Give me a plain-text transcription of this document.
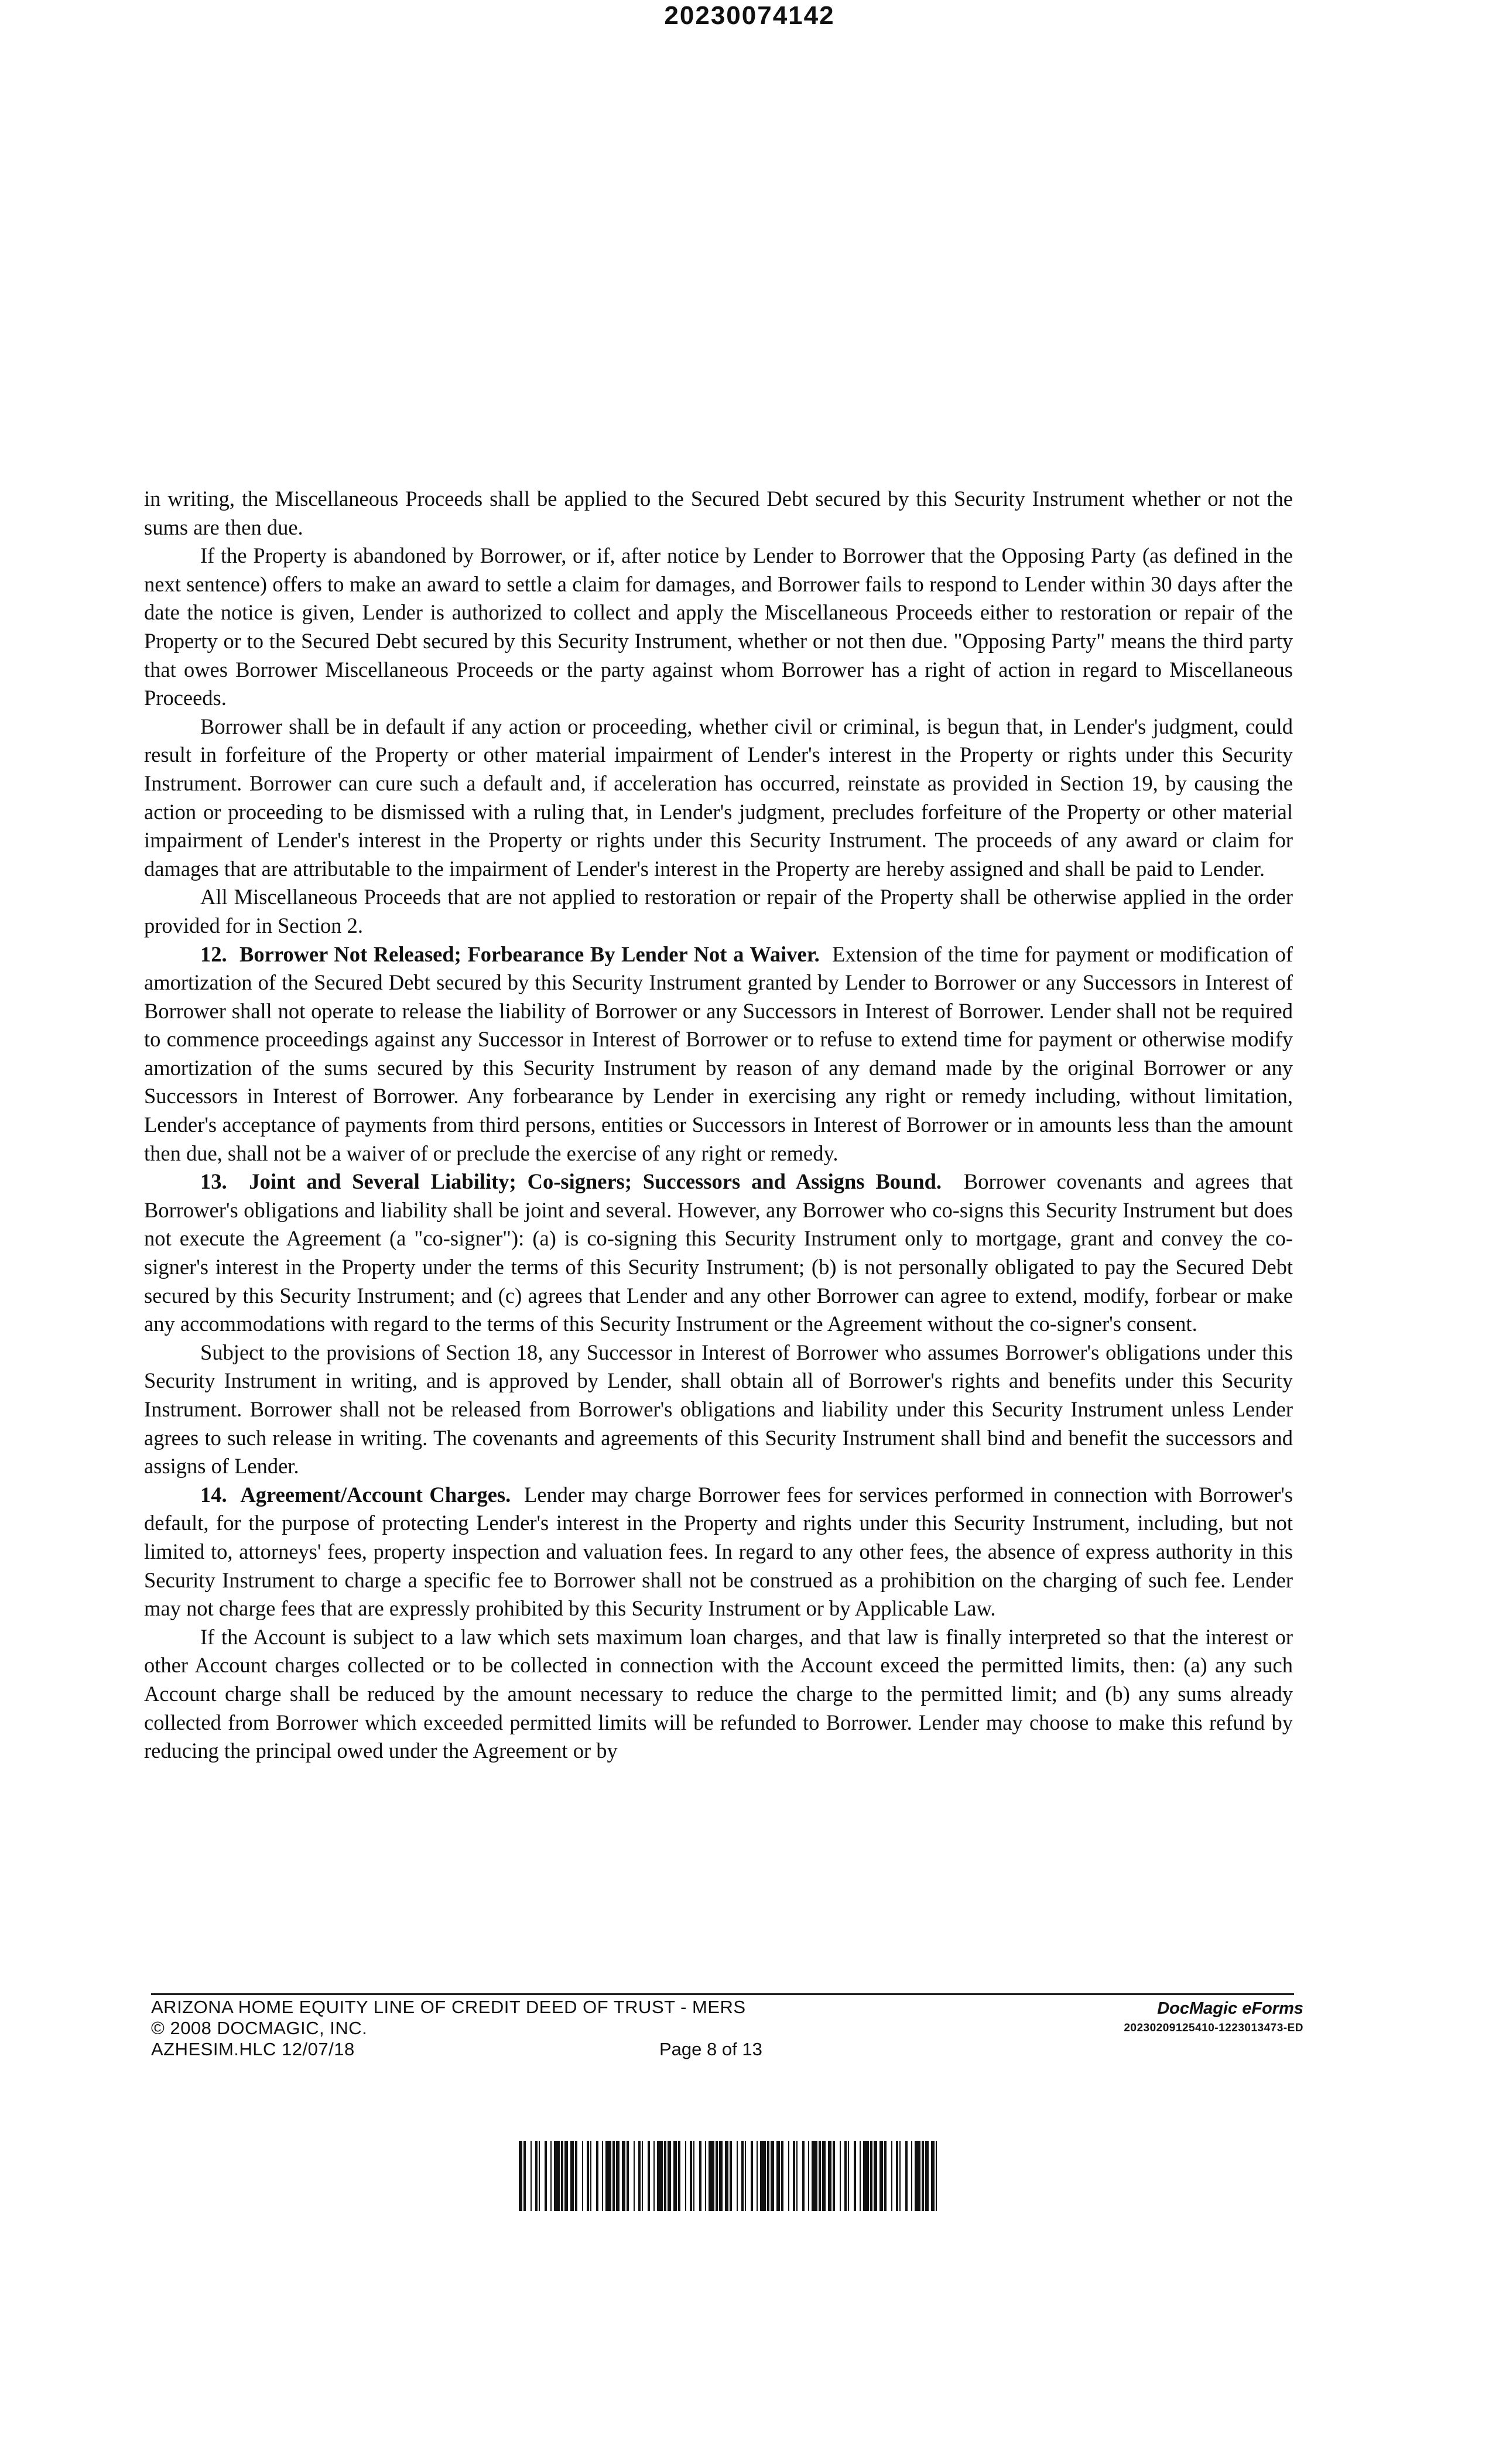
20230074142

in writing, the Miscellaneous Proceeds shall be applied to the Secured Debt secured by this Security Instrument whether or not the sums are then due.

If the Property is abandoned by Borrower, or if, after notice by Lender to Borrower that the Opposing Party (as defined in the next sentence) offers to make an award to settle a claim for damages, and Borrower fails to respond to Lender within 30 days after the date the notice is given, Lender is authorized to collect and apply the Miscellaneous Proceeds either to restoration or repair of the Property or to the Secured Debt secured by this Security Instrument, whether or not then due. "Opposing Party" means the third party that owes Borrower Miscellaneous Proceeds or the party against whom Borrower has a right of action in regard to Miscellaneous Proceeds.

Borrower shall be in default if any action or proceeding, whether civil or criminal, is begun that, in Lender's judgment, could result in forfeiture of the Property or other material impairment of Lender's interest in the Property or rights under this Security Instrument. Borrower can cure such a default and, if acceleration has occurred, reinstate as provided in Section 19, by causing the action or proceeding to be dismissed with a ruling that, in Lender's judgment, precludes forfeiture of the Property or other material impairment of Lender's interest in the Property or rights under this Security Instrument. The proceeds of any award or claim for damages that are attributable to the impairment of Lender's interest in the Property are hereby assigned and shall be paid to Lender.

All Miscellaneous Proceeds that are not applied to restoration or repair of the Property shall be otherwise applied in the order provided for in Section 2.

12. Borrower Not Released; Forbearance By Lender Not a Waiver. Extension of the time for payment or modification of amortization of the Secured Debt secured by this Security Instrument granted by Lender to Borrower or any Successors in Interest of Borrower shall not operate to release the liability of Borrower or any Successors in Interest of Borrower. Lender shall not be required to commence proceedings against any Successor in Interest of Borrower or to refuse to extend time for payment or otherwise modify amortization of the sums secured by this Security Instrument by reason of any demand made by the original Borrower or any Successors in Interest of Borrower. Any forbearance by Lender in exercising any right or remedy including, without limitation, Lender's acceptance of payments from third persons, entities or Successors in Interest of Borrower or in amounts less than the amount then due, shall not be a waiver of or preclude the exercise of any right or remedy.

13. Joint and Several Liability; Co-signers; Successors and Assigns Bound. Borrower covenants and agrees that Borrower's obligations and liability shall be joint and several. However, any Borrower who co-signs this Security Instrument but does not execute the Agreement (a "co-signer"): (a) is co-signing this Security Instrument only to mortgage, grant and convey the co-signer's interest in the Property under the terms of this Security Instrument; (b) is not personally obligated to pay the Secured Debt secured by this Security Instrument; and (c) agrees that Lender and any other Borrower can agree to extend, modify, forbear or make any accommodations with regard to the terms of this Security Instrument or the Agreement without the co-signer's consent.

Subject to the provisions of Section 18, any Successor in Interest of Borrower who assumes Borrower's obligations under this Security Instrument in writing, and is approved by Lender, shall obtain all of Borrower's rights and benefits under this Security Instrument. Borrower shall not be released from Borrower's obligations and liability under this Security Instrument unless Lender agrees to such release in writing. The covenants and agreements of this Security Instrument shall bind and benefit the successors and assigns of Lender.

14. Agreement/Account Charges. Lender may charge Borrower fees for services performed in connection with Borrower's default, for the purpose of protecting Lender's interest in the Property and rights under this Security Instrument, including, but not limited to, attorneys' fees, property inspection and valuation fees. In regard to any other fees, the absence of express authority in this Security Instrument to charge a specific fee to Borrower shall not be construed as a prohibition on the charging of such fee. Lender may not charge fees that are expressly prohibited by this Security Instrument or by Applicable Law.

If the Account is subject to a law which sets maximum loan charges, and that law is finally interpreted so that the interest or other Account charges collected or to be collected in connection with the Account exceed the permitted limits, then: (a) any such Account charge shall be reduced by the amount necessary to reduce the charge to the permitted limit; and (b) any sums already collected from Borrower which exceeded permitted limits will be refunded to Borrower. Lender may choose to make this refund by reducing the principal owed under the Agreement or by

ARIZONA HOME EQUITY LINE OF CREDIT DEED OF TRUST - MERS
© 2008 DOCMAGIC, INC.
AZHESIM.HLC 12/07/18	Page 8 of 13
DocMagic eForms
20230209125410-1223013473-ED
